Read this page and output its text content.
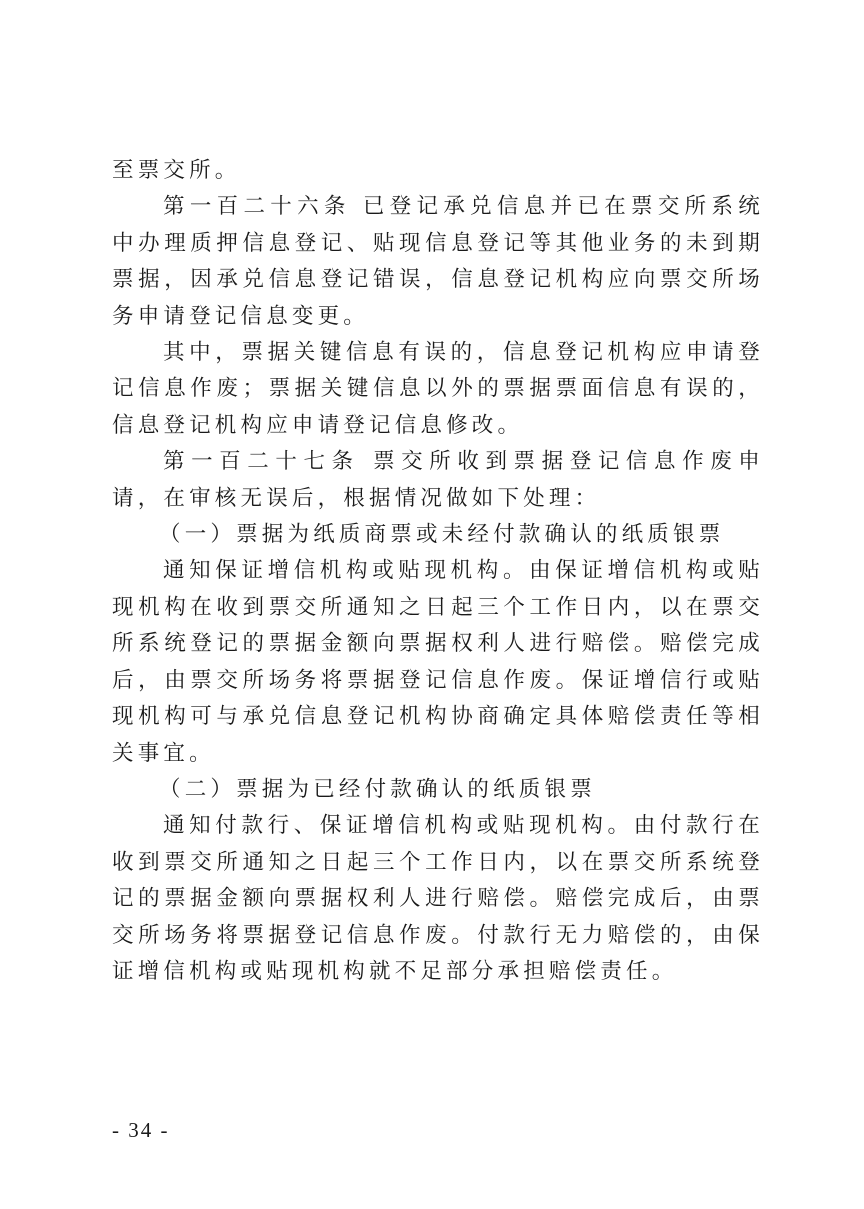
至票交所。

第一百二十六条 已登记承兑信息并已在票交所系统中办理质押信息登记、贴现信息登记等其他业务的未到期票据，因承兑信息登记错误，信息登记机构应向票交所场务申请登记信息变更。

其中，票据关键信息有误的，信息登记机构应申请登记信息作废；票据关键信息以外的票据票面信息有误的，信息登记机构应申请登记信息修改。

第一百二十七条 票交所收到票据登记信息作废申请，在审核无误后，根据情况做如下处理：

（一）票据为纸质商票或未经付款确认的纸质银票

通知保证增信机构或贴现机构。由保证增信机构或贴现机构在收到票交所通知之日起三个工作日内，以在票交所系统登记的票据金额向票据权利人进行赔偿。赔偿完成后，由票交所场务将票据登记信息作废。保证增信行或贴现机构可与承兑信息登记机构协商确定具体赔偿责任等相关事宜。

（二）票据为已经付款确认的纸质银票

通知付款行、保证增信机构或贴现机构。由付款行在收到票交所通知之日起三个工作日内，以在票交所系统登记的票据金额向票据权利人进行赔偿。赔偿完成后，由票交所场务将票据登记信息作废。付款行无力赔偿的，由保证增信机构或贴现机构就不足部分承担赔偿责任。

- 34 -
